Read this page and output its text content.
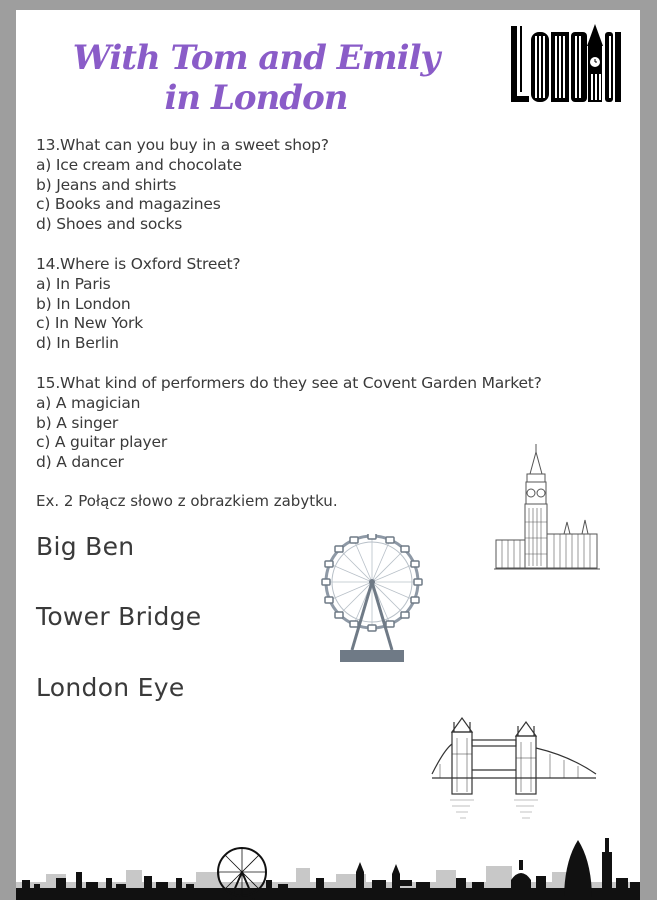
With Tom and Emily in London
13.What can you buy in a sweet shop?
a) Ice cream and chocolate
b) Jeans and shirts
c) Books and magazines
d) Shoes and socks
14.Where is Oxford Street?
a) In Paris
b) In London
c) In New York
d) In Berlin
15.What kind of performers do they see at Covent Garden Market?
a) A magician
b) A singer
c) A guitar player
d) A dancer
Ex. 2 Połącz słowo z obrazkiem zabytku.
Big Ben
Tower Bridge
London Eye
